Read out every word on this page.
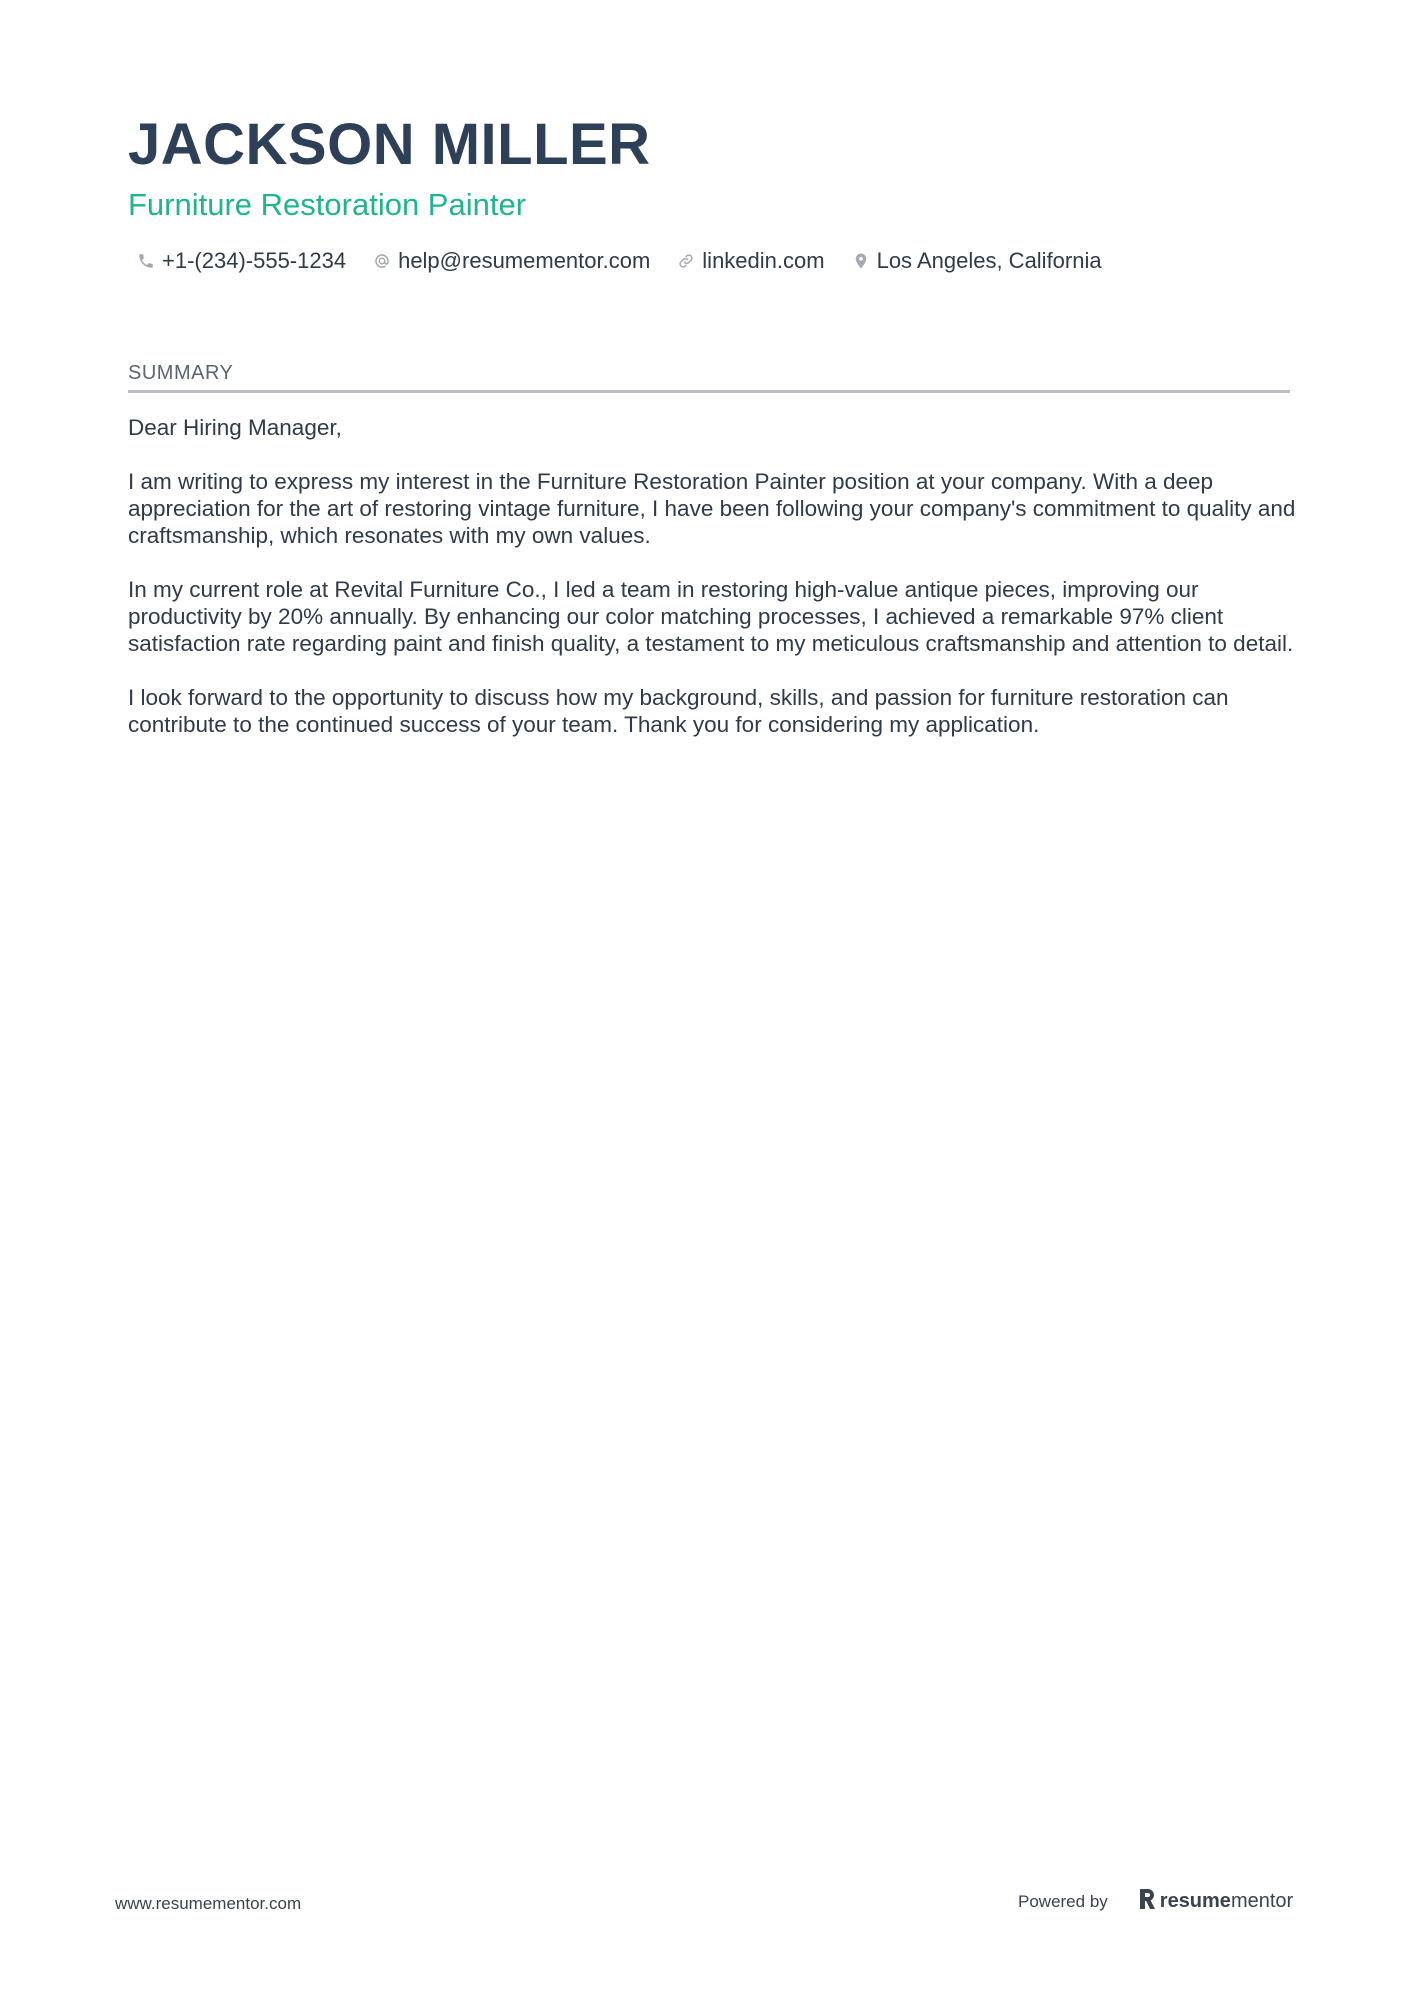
JACKSON MILLER
Furniture Restoration Painter
+1-(234)-555-1234 help@resumementor.com linkedin.com Los Angeles, California
SUMMARY

Dear Hiring Manager,

I am writing to express my interest in the Furniture Restoration Painter position at your company. With a deep appreciation for the art of restoring vintage furniture, I have been following your company's commitment to quality and craftsmanship, which resonates with my own values.

In my current role at Revital Furniture Co., I led a team in restoring high-value antique pieces, improving our productivity by 20% annually. By enhancing our color matching processes, I achieved a remarkable 97% client satisfaction rate regarding paint and finish quality, a testament to my meticulous craftsmanship and attention to detail.

I look forward to the opportunity to discuss how my background, skills, and passion for furniture restoration can contribute to the continued success of your team. Thank you for considering my application.

www.resumementor.com	Powered by	resume mentor
